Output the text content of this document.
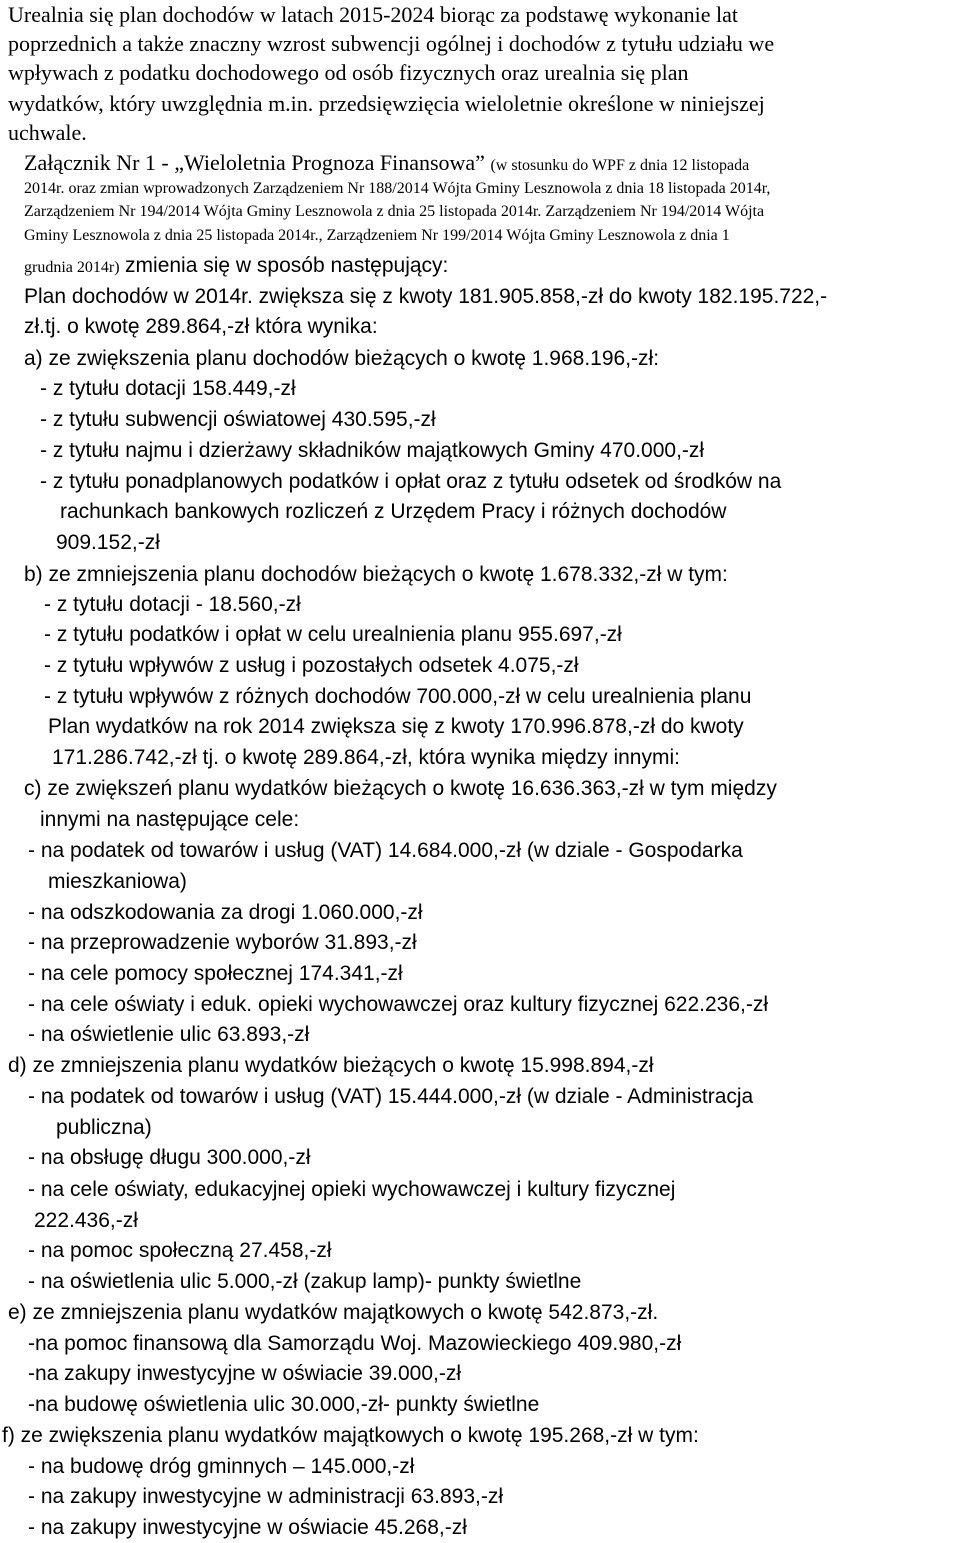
Urealnia się plan dochodów w latach 2015-2024 biorąc za podstawę wykonanie lat
poprzednich a także znaczny wzrost subwencji ogólnej i dochodów z tytułu udziału we
wpływach z podatku dochodowego od osób fizycznych oraz urealnia się plan
wydatków, który uwzględnia m.in. przedsięwzięcia wieloletnie określone w niniejszej
uchwale.
Załącznik Nr 1 - „Wieloletnia Prognoza Finansowa” (w stosunku do WPF z dnia 12 listopada
2014r. oraz zmian wprowadzonych Zarządzeniem Nr 188/2014 Wójta Gminy Lesznowola z dnia 18 listopada 2014r,
Zarządzeniem Nr 194/2014 Wójta Gminy Lesznowola z dnia 25 listopada 2014r. Zarządzeniem Nr 194/2014 Wójta
Gminy Lesznowola z dnia 25 listopada 2014r., Zarządzeniem Nr 199/2014 Wójta Gminy Lesznowola z dnia 1
grudnia 2014r) zmienia się w sposób następujący:
Plan dochodów w 2014r. zwiększa się z kwoty 181.905.858,-zł do kwoty 182.195.722,-
zł.tj. o kwotę 289.864,-zł która wynika:
a) ze zwiększenia planu dochodów bieżących o kwotę 1.968.196,-zł:
- z tytułu dotacji 158.449,-zł
- z tytułu subwencji oświatowej 430.595,-zł
- z tytułu najmu i dzierżawy składników majątkowych Gminy 470.000,-zł
- z tytułu ponadplanowych podatków i opłat oraz z tytułu odsetek od środków na
rachunkach bankowych rozliczeń z Urzędem Pracy i różnych dochodów
909.152,-zł
b) ze zmniejszenia planu dochodów bieżących o kwotę 1.678.332,-zł w tym:
- z tytułu dotacji - 18.560,-zł
- z tytułu podatków i opłat w celu urealnienia planu 955.697,-zł
- z tytułu wpływów z usług i pozostałych odsetek 4.075,-zł
- z tytułu wpływów z różnych dochodów 700.000,-zł w celu urealnienia planu
Plan wydatków na rok 2014 zwiększa się z kwoty 170.996.878,-zł do kwoty
171.286.742,-zł tj. o kwotę 289.864,-zł, która wynika między innymi:
c) ze zwiększeń planu wydatków bieżących o kwotę 16.636.363,-zł w tym między
innymi na następujące cele:
- na podatek od towarów i usług (VAT) 14.684.000,-zł (w dziale - Gospodarka
mieszkaniowa)
- na odszkodowania za drogi 1.060.000,-zł
- na przeprowadzenie wyborów 31.893,-zł
- na cele pomocy społecznej 174.341,-zł
- na cele oświaty i eduk. opieki wychowawczej oraz kultury fizycznej 622.236,-zł
- na oświetlenie ulic 63.893,-zł
d) ze zmniejszenia planu wydatków bieżących o kwotę 15.998.894,-zł
- na podatek od towarów i usług (VAT) 15.444.000,-zł (w dziale - Administracja
publiczna)
- na obsługę długu 300.000,-zł
- na cele oświaty, edukacyjnej opieki wychowawczej i kultury fizycznej
222.436,-zł
- na pomoc społeczną 27.458,-zł
- na oświetlenia ulic 5.000,-zł (zakup lamp)- punkty świetlne
e) ze zmniejszenia planu wydatków majątkowych o kwotę 542.873,-zł.
-na pomoc finansową dla Samorządu Woj. Mazowieckiego 409.980,-zł
-na zakupy inwestycyjne w oświacie 39.000,-zł
-na budowę oświetlenia ulic 30.000,-zł- punkty świetlne
f) ze zwiększenia planu wydatków majątkowych o kwotę 195.268,-zł w tym:
- na budowę dróg gminnych – 145.000,-zł
- na zakupy inwestycyjne w administracji 63.893,-zł
- na zakupy inwestycyjne w oświacie 45.268,-zł
